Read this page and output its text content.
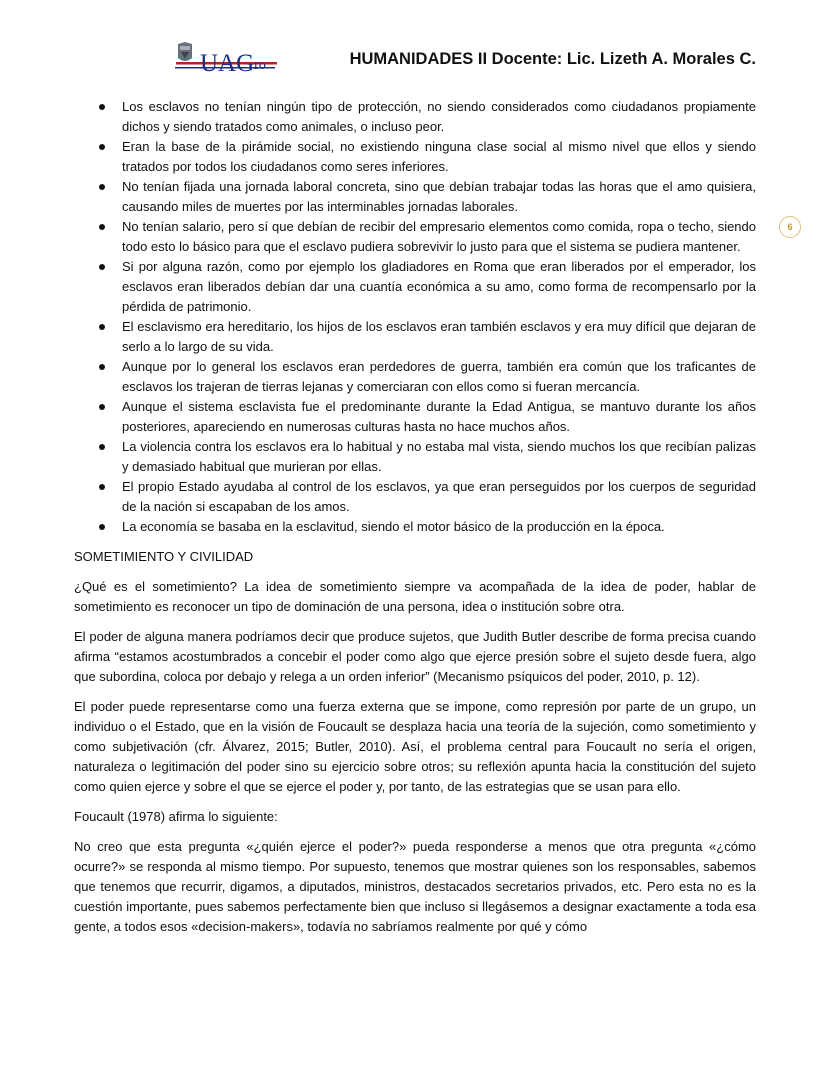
UAGro	HUMANIDADES II Docente: Lic. Lizeth A. Morales C.
6
Los esclavos no tenían ningún tipo de protección, no siendo considerados como ciudadanos propiamente dichos y siendo tratados como animales, o incluso peor.
Eran la base de la pirámide social, no existiendo ninguna clase social al mismo nivel que ellos y siendo tratados por todos los ciudadanos como seres inferiores.
No tenían fijada una jornada laboral concreta, sino que debían trabajar todas las horas que el amo quisiera, causando miles de muertes por las interminables jornadas laborales.
No tenían salario, pero sí que debían de recibir del empresario elementos como comida, ropa o techo, siendo todo esto lo básico para que el esclavo pudiera sobrevivir lo justo para que el sistema se pudiera mantener.
Si por alguna razón, como por ejemplo los gladiadores en Roma que eran liberados por el emperador, los esclavos eran liberados debían dar una cuantía económica a su amo, como forma de recompensarlo por la pérdida de patrimonio.
El esclavismo era hereditario, los hijos de los esclavos eran también esclavos y era muy difícil que dejaran de serlo a lo largo de su vida.
Aunque por lo general los esclavos eran perdedores de guerra, también era común que los traficantes de esclavos los trajeran de tierras lejanas y comerciaran con ellos como si fueran mercancía.
Aunque el sistema esclavista fue el predominante durante la Edad Antigua, se mantuvo durante los años posteriores, apareciendo en numerosas culturas hasta no hace muchos años.
La violencia contra los esclavos era lo habitual y no estaba mal vista, siendo muchos los que recibían palizas y demasiado habitual que murieran por ellas.
El propio Estado ayudaba al control de los esclavos, ya que eran perseguidos por los cuerpos de seguridad de la nación si escapaban de los amos.
La economía se basaba en la esclavitud, siendo el motor básico de la producción en la época.

SOMETIMIENTO Y CIVILIDAD

¿Qué es el sometimiento? La idea de sometimiento siempre va acompañada de la idea de poder, hablar de sometimiento es reconocer un tipo de dominación de una persona, idea o institución sobre otra.

El poder de alguna manera podríamos decir que produce sujetos, que Judith Butler describe de forma precisa cuando afirma “estamos acostumbrados a concebir el poder como algo que ejerce presión sobre el sujeto desde fuera, algo que subordina, coloca por debajo y relega a un orden inferior” (Mecanismo psíquicos del poder, 2010, p. 12).

El poder puede representarse como una fuerza externa que se impone, como represión por parte de un grupo, un individuo o el Estado, que en la visión de Foucault se desplaza hacia una teoría de la sujeción, como sometimiento y como subjetivación (cfr. Álvarez, 2015; Butler, 2010). Así, el problema central para Foucault no sería el origen, naturaleza o legitimación del poder sino su ejercicio sobre otros; su reflexión apunta hacia la constitución del sujeto como quien ejerce y sobre el que se ejerce el poder y, por tanto, de las estrategias que se usan para ello.

Foucault (1978) afirma lo siguiente:

No creo que esta pregunta «¿quién ejerce el poder?» pueda responderse a menos que otra pregunta «¿cómo ocurre?» se responda al mismo tiempo. Por supuesto, tenemos que mostrar quienes son los responsables, sabemos que tenemos que recurrir, digamos, a diputados, ministros, destacados secretarios privados, etc. Pero esta no es la cuestión importante, pues sabemos perfectamente bien que incluso si llegásemos a designar exactamente a toda esa gente, a todos esos «decision-makers», todavía no sabríamos realmente por qué y cómo
